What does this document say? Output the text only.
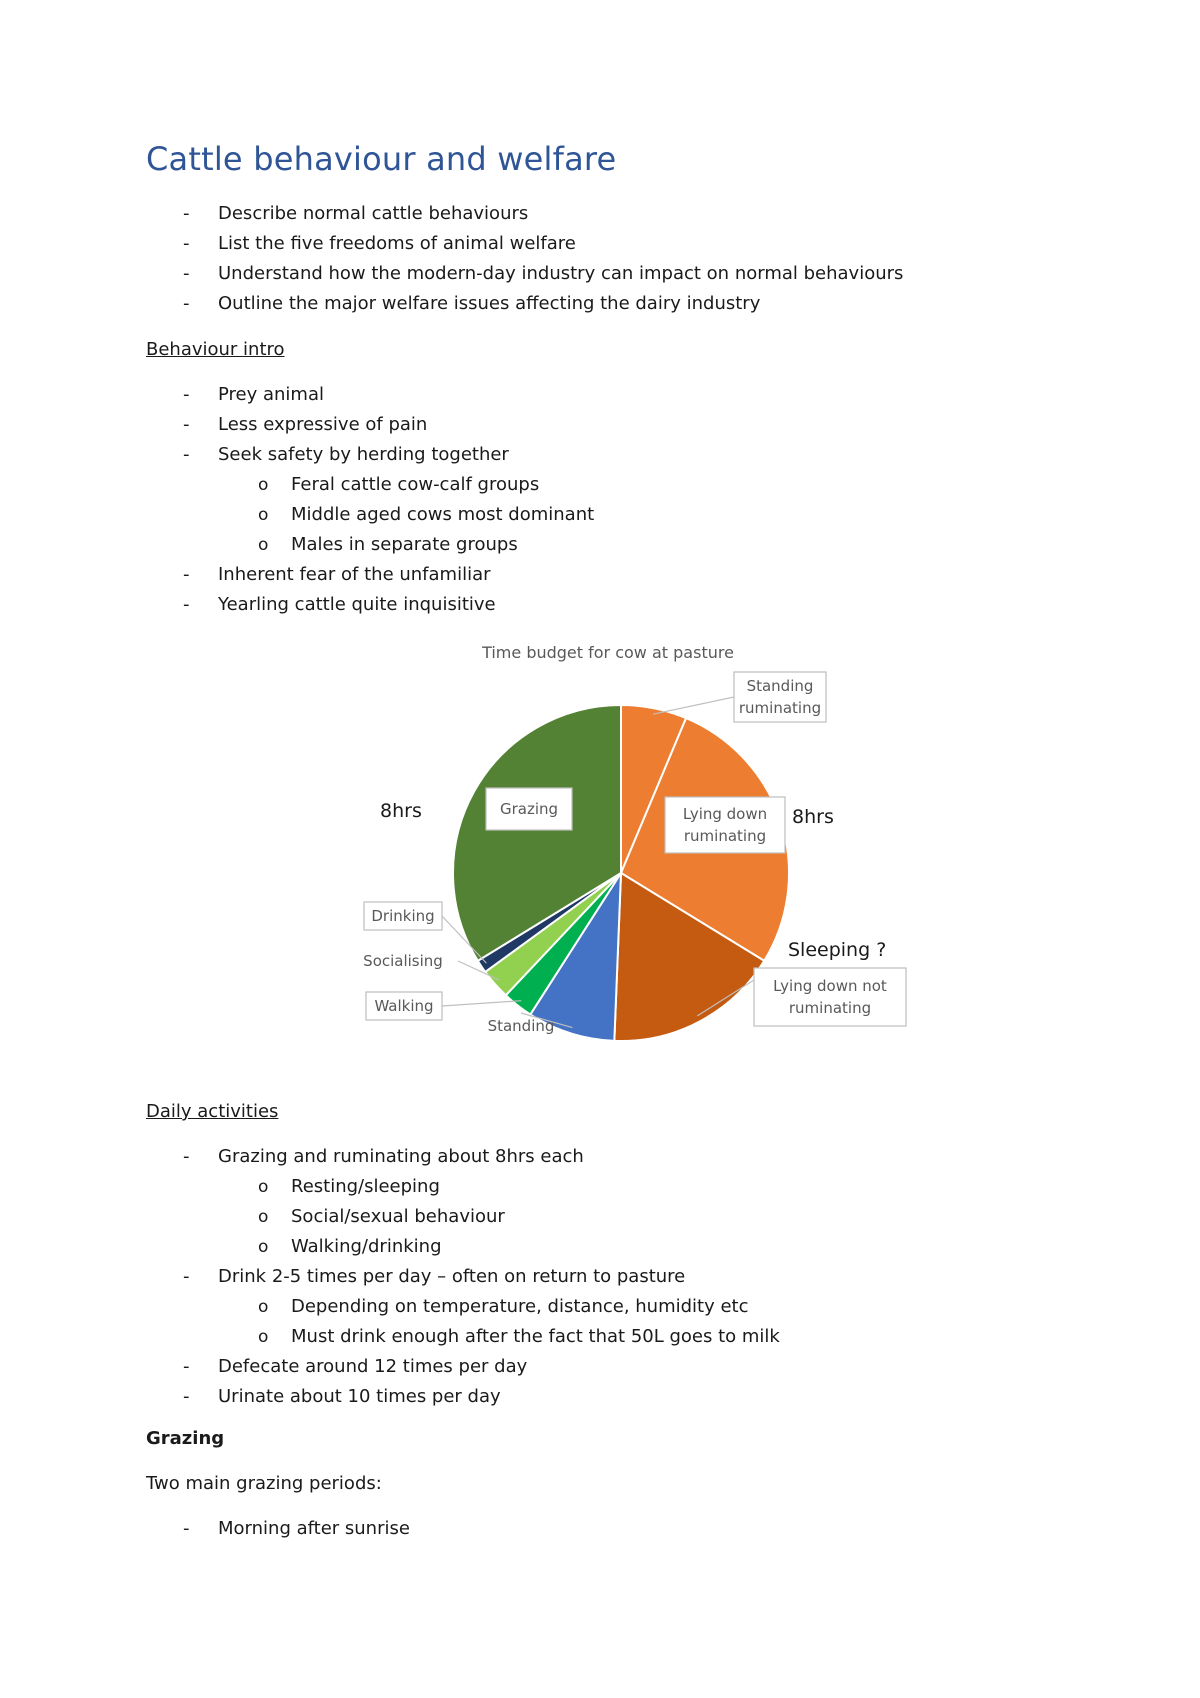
Cattle behaviour and welfare
- Describe normal cattle behaviours
- List the five freedoms of animal welfare
- Understand how the modern-day industry can impact on normal behaviours
- Outline the major welfare issues affecting the dairy industry
Behaviour intro
- Prey animal
- Less expressive of pain
- Seek safety by herding together
o Feral cattle cow-calf groups
o Middle aged cows most dominant
o Males in separate groups
- Inherent fear of the unfamiliar
- Yearling cattle quite inquisitive
Time budget for cow at pasture
Standing ruminating
Lying down ruminating
Lying down not ruminating
Standing
Walking
Socialising
Drinking
Grazing
8hrs	8hrs
Sleeping ?
Daily activities
- Grazing and ruminating about 8hrs each
o Resting/sleeping
o Social/sexual behaviour
o Walking/drinking
- Drink 2-5 times per day – often on return to pasture
o Depending on temperature, distance, humidity etc
o Must drink enough after the fact that 50L goes to milk
- Defecate around 12 times per day
- Urinate about 10 times per day
Grazing
Two main grazing periods:
- Morning after sunrise
